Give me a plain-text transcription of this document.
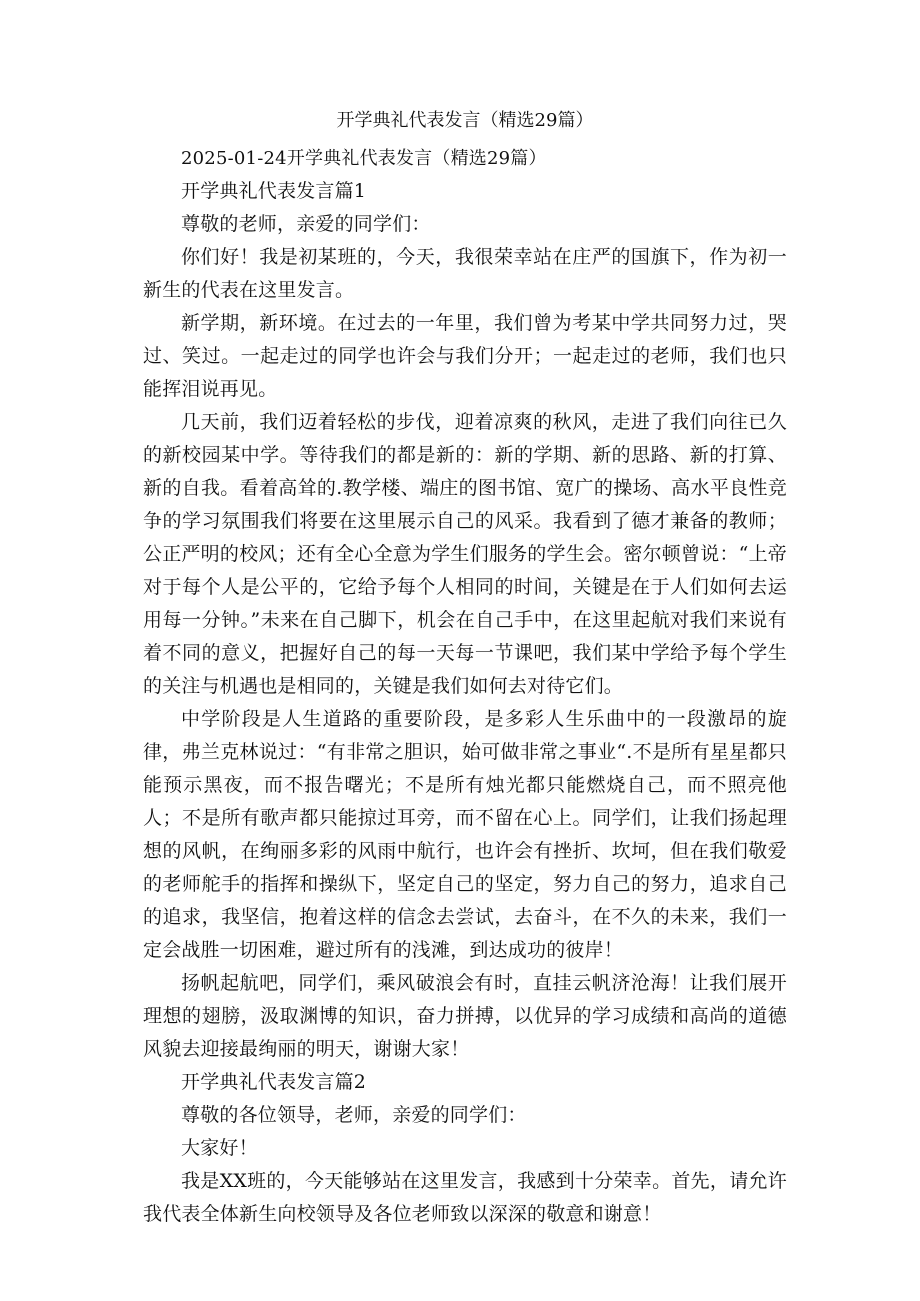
开学典礼代表发言（精选29篇）

2025-01-24开学典礼代表发言（精选29篇）

开学典礼代表发言篇1

尊敬的老师，亲爱的同学们：

你们好！我是初某班的，今天，我很荣幸站在庄严的国旗下，作为初一新生的代表在这里发言。

新学期，新环境。在过去的一年里，我们曾为考某中学共同努力过，哭过、笑过。一起走过的同学也许会与我们分开；一起走过的老师，我们也只能挥泪说再见。

几天前，我们迈着轻松的步伐，迎着凉爽的秋风，走进了我们向往已久的新校园某中学。等待我们的都是新的：新的学期、新的思路、新的打算、新的自我。看着高耸的.教学楼、端庄的图书馆、宽广的操场、高水平良性竞争的学习氛围我们将要在这里展示自己的风采。我看到了德才兼备的教师；公正严明的校风；还有全心全意为学生们服务的学生会。密尔顿曾说：“上帝对于每个人是公平的，它给予每个人相同的时间，关键是在于人们如何去运用每一分钟。”未来在自己脚下，机会在自己手中，在这里起航对我们来说有着不同的意义，把握好自己的每一天每一节课吧，我们某中学给予每个学生的关注与机遇也是相同的，关键是我们如何去对待它们。

中学阶段是人生道路的重要阶段，是多彩人生乐曲中的一段激昂的旋律，弗兰克林说过：“有非常之胆识，始可做非常之事业“.不是所有星星都只能预示黑夜，而不报告曙光；不是所有烛光都只能燃烧自己，而不照亮他人；不是所有歌声都只能掠过耳旁，而不留在心上。同学们，让我们扬起理想的风帆，在绚丽多彩的风雨中航行，也许会有挫折、坎坷，但在我们敬爱的老师舵手的指挥和操纵下，坚定自己的坚定，努力自己的努力，追求自己的追求，我坚信，抱着这样的信念去尝试，去奋斗，在不久的未来，我们一定会战胜一切困难，避过所有的浅滩，到达成功的彼岸！

扬帆起航吧，同学们，乘风破浪会有时，直挂云帆济沧海！让我们展开理想的翅膀，汲取渊博的知识，奋力拼搏，以优异的学习成绩和高尚的道德风貌去迎接最绚丽的明天，谢谢大家！

开学典礼代表发言篇2

尊敬的各位领导，老师，亲爱的同学们：

大家好！

我是XX班的，今天能够站在这里发言，我感到十分荣幸。首先，请允许我代表全体新生向校领导及各位老师致以深深的敬意和谢意！
